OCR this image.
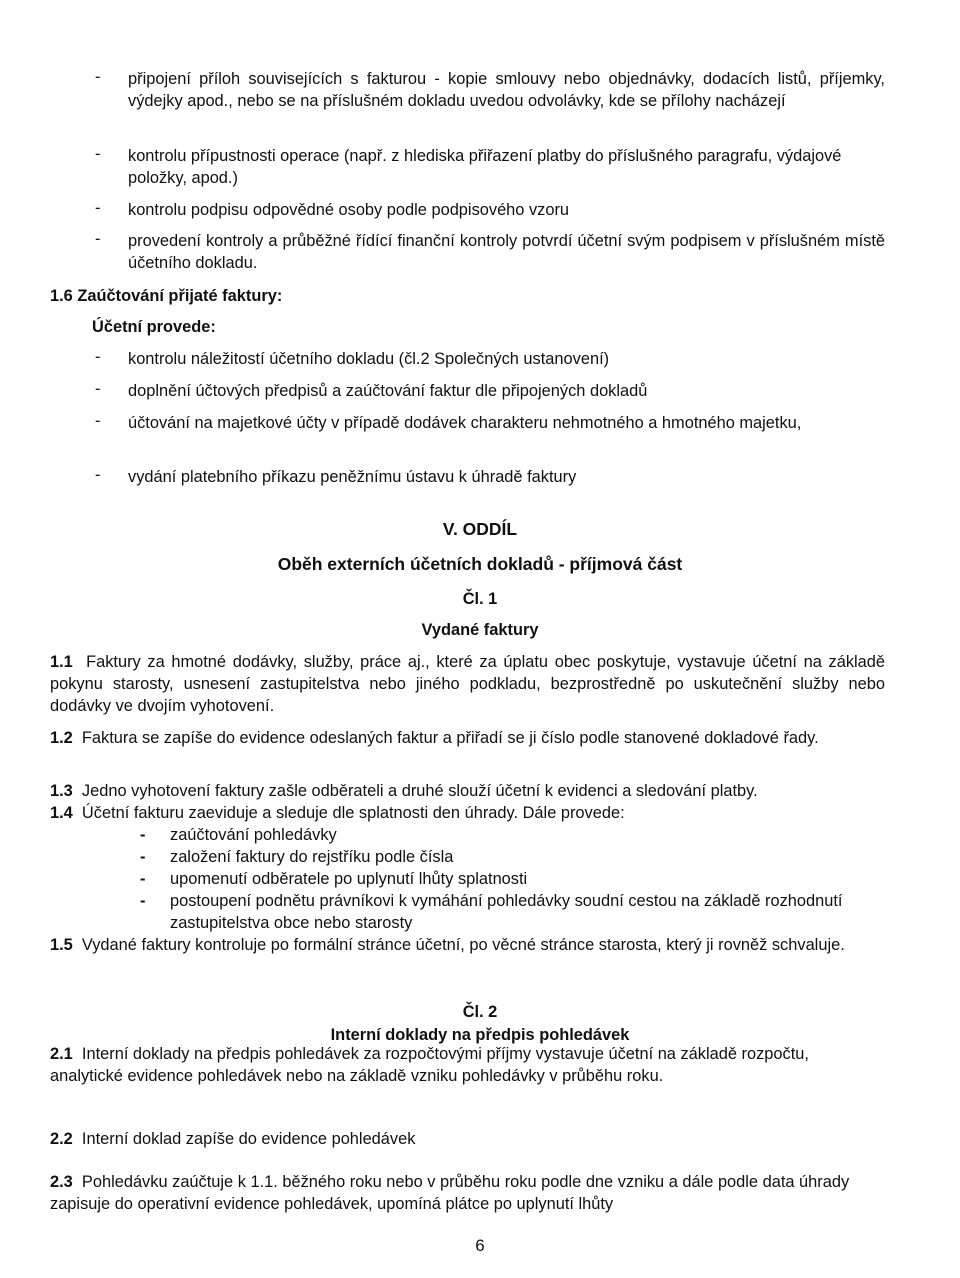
- připojení příloh souvisejících s fakturou - kopie smlouvy nebo objednávky, dodacích listů, příjemky, výdejky apod., nebo se na příslušném dokladu uvedou odvolávky, kde se přílohy nacházejí
- kontrolu přípustnosti operace (např. z hlediska přiřazení platby do příslušného paragrafu, výdajové položky, apod.)
- kontrolu podpisu odpovědné osoby podle podpisového vzoru
- provedení kontroly a průběžné řídící finanční kontroly potvrdí účetní svým podpisem v příslušném místě účetního dokladu.
1.6 Zaúčtování přijaté faktury:
Účetní provede:
- kontrolu náležitostí účetního dokladu (čl.2 Společných ustanovení)
- doplnění účtových předpisů a zaúčtování faktur dle připojených dokladů
- účtování na majetkové účty v případě dodávek charakteru nehmotného a hmotného majetku,
- vydání platebního příkazu peněžnímu ústavu k úhradě faktury
V. ODDÍL
Oběh externích účetních dokladů - příjmová část
Čl. 1
Vydané faktury
1.1 Faktury za hmotné dodávky, služby, práce aj., které za úplatu obec poskytuje, vystavuje účetní na základě pokynu starosty, usnesení zastupitelstva nebo jiného podkladu, bezprostředně po uskutečnění služby nebo dodávky ve dvojím vyhotovení.
1.2 Faktura se zapíše do evidence odeslaných faktur a přiřadí se ji číslo podle stanovené dokladové řady.
1.3 Jedno vyhotovení faktury zašle odběrateli a druhé slouží účetní k evidenci a sledování platby.
1.4 Účetní fakturu zaeviduje a sleduje dle splatnosti den úhrady. Dále provede:
- zaúčtování pohledávky
- založení faktury do rejstříku podle čísla
- upomenutí odběratele po uplynutí lhůty splatnosti
- postoupení podnětu právníkovi k vymáhání pohledávky soudní cestou na základě rozhodnutí zastupitelstva obce nebo starosty
1.5 Vydané faktury kontroluje po formální stránce účetní, po věcné stránce starosta, který ji rovněž schvaluje.
Čl. 2
Interní doklady na předpis pohledávek
2.1 Interní doklady na předpis pohledávek za rozpočtovými příjmy vystavuje účetní na základě rozpočtu, analytické evidence pohledávek nebo na základě vzniku pohledávky v průběhu roku.
2.2 Interní doklad zapíše do evidence pohledávek
2.3 Pohledávku zaúčtuje k 1.1. běžného roku nebo v průběhu roku podle dne vzniku a dále podle data úhrady zapisuje do operativní evidence pohledávek, upomíná plátce po uplynutí lhůty
6
